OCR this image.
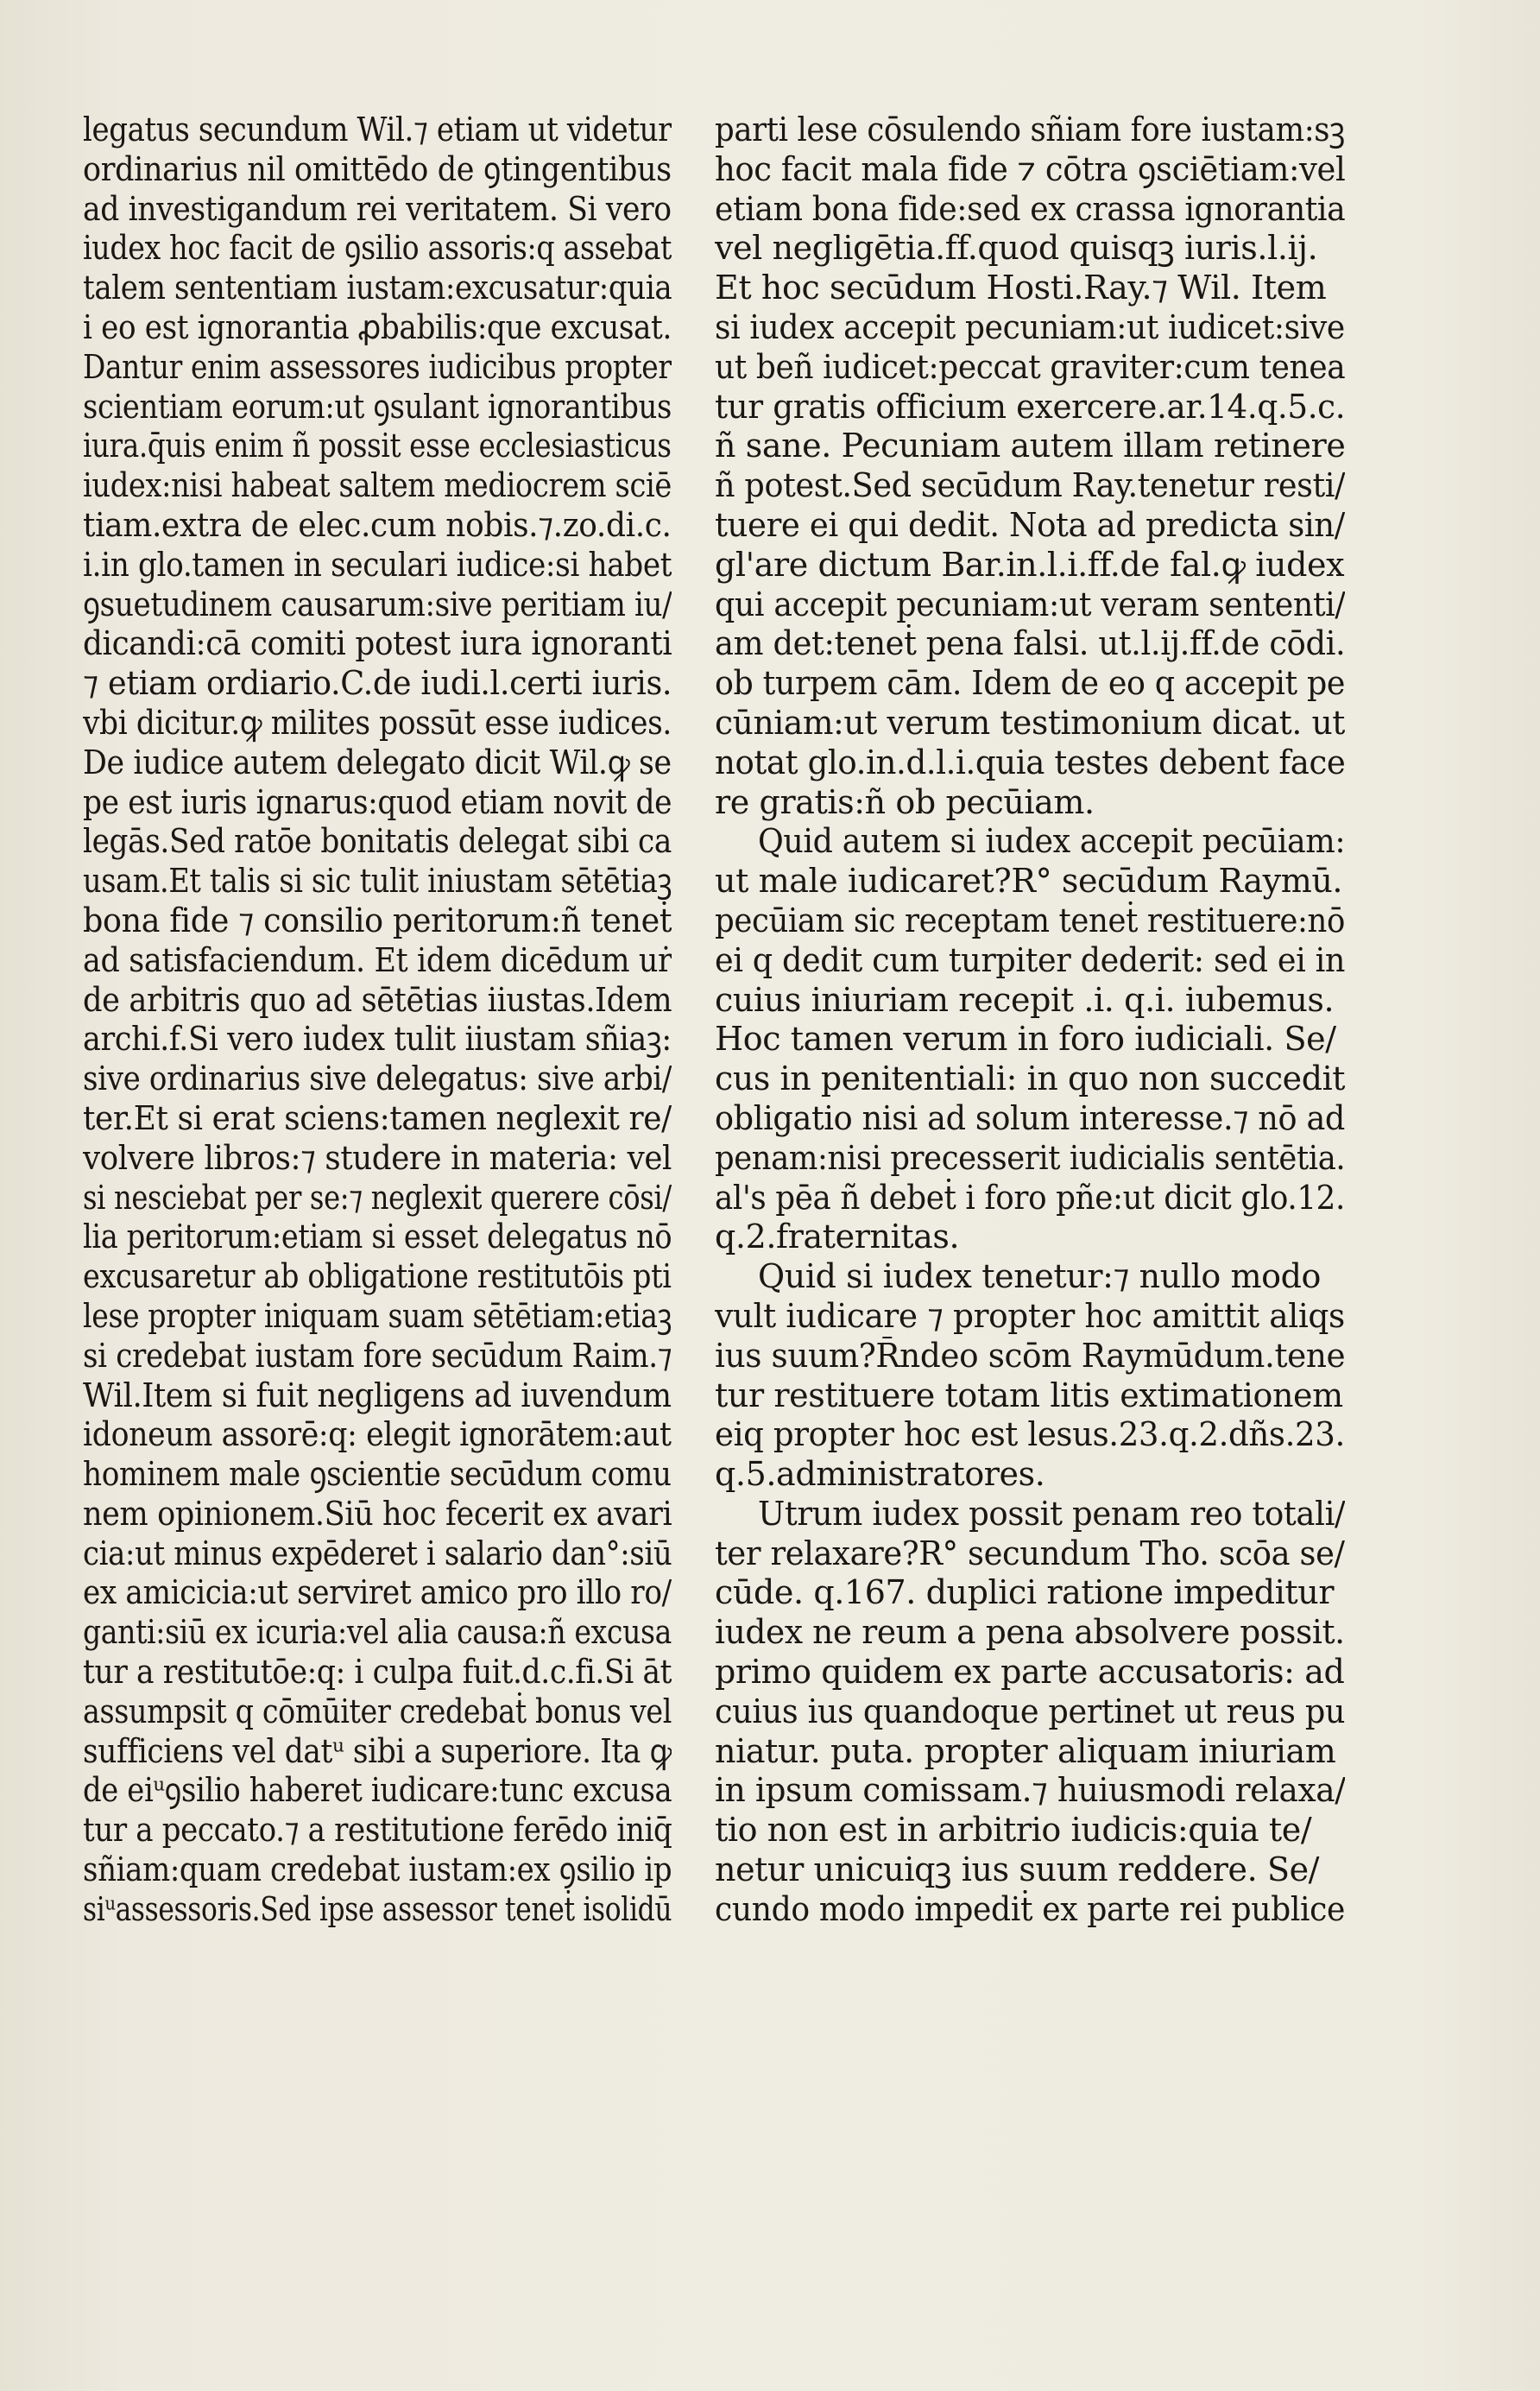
legatus secundum Wil.⁊ etiam ut videtur
ordinarius nil omittēdo de ꝯtingentibus
ad investigandum rei veritatem. Si vero
iudex hoc facit de ꝯsilio assoris:q assebat
talem sententiam iustam:excusatur:quia
i eo est ignorantia ꝓbabilis:que excusat.
Dantur enim assessores iudicibus propter
scientiam eorum:ut ꝯsulant ignorantibus
iura.q̄uis enim ñ possit esse ecclesiasticus
iudex:nisi habeat saltem mediocrem sciē
tiam.extra de elec.cum nobis.⁊.zo.di.c.
i.in glo.tamen in seculari iudice:si habet
ꝯsuetudinem causarum:sive peritiam iu/
dicandi:cā comiti potest iura ignoranti
⁊ etiam ordiario.C.de iudi.l.certi iuris.
vbi dicitur.ꝙ milites possūt esse iudices.
De iudice autem delegato dicit Wil.ꝙ se
pe est iuris ignarus:quod etiam novit de
legās.Sed ratōe bonitatis delegat sibi ca
usam.Et talis si sic tulit iniustam sētētiaꝫ
bona fide ⁊ consilio peritorum:ñ teneṫ
ad satisfaciendum. Et idem dicēdum uṙ
de arbitris quo ad sētētias iiustas.Idem
archi.f.Si vero iudex tulit iiustam sñiaꝫ:
sive ordinarius sive delegatus: sive arbi/
ter.Et si erat sciens:tamen neglexit re/
volvere libros:⁊ studere in materia: vel
si nesciebat per se:⁊ neglexit querere cōsi/
lia peritorum:etiam si esset delegatus nō
excusaretur ab obligatione restitutōis pti
lese propter iniquam suam sētētiam:etiaꝫ
si credebat iustam fore secūdum Raim.⁊
Wil.Item si fuit negligens ad iuvendum
idoneum assorē:q: elegit ignorātem:aut
hominem male ꝯscientie secūdum comu
nem opinionem.Siū hoc fecerit ex avari
cia:ut minus expēderet i salario dan°:siū
ex amicicia:ut serviret amico pro illo ro/
ganti:siū ex icuria:vel alia causa:ñ excusa
tur a restitutōe:q: i culpa fuit.d.c.fi.Si āt
assumpsit q cōmūiter credebaṫ bonus vel
sufficiens vel datᵘ sibi a superiore. Ita ꝙ
de eiᵘꝯsilio haberet iudicare:tunc excusa
tur a peccato.⁊ a restitutione ferēdo iniq̄
sñiam:quam credebat iustam:ex ꝯsilio ip
siᵘassessoris.Sed ipse assessor teneṫ isolidū
parti lese cōsulendo sñiam fore iustam:sꝫ
hoc facit mala fide ⁊ cōtra ꝯsciētiam:vel
etiam bona fide:sed ex crassa ignorantia
vel negligētia.ff.quod quisqꝫ iuris.l.ij.
Et hoc secūdum Hosti.Ray.⁊ Wil. Item
si iudex accepit pecuniam:ut iudicet:sive
ut beñ iudicet:peccat graviter:cum tenea
tur gratis officium exercere.ar.14.q.5.c.
ñ sane. Pecuniam autem illam retinere
ñ potest.Sed secūdum Ray.tenetur resti/
tuere ei qui dedit. Nota ad predicta sin/
gl'are dictum Bar.in.l.i.ff.de fal.ꝙ iudex
qui accepit pecuniam:ut veram sententi/
am det:teneṫ pena falsi. ut.l.ij.ff.de cōdi.
ob turpem cām. Idem de eo q accepit pe
cūniam:ut verum testimonium dicat. ut
notat glo.in.d.l.i.quia testes debent face
re gratis:ñ ob pecūiam.
Quid autem si iudex accepit pecūiam:
ut male iudicaret?R° secūdum Raymū.
pecūiam sic receptam teneṫ restituere:nō
ei q dedit cum turpiter dederit: sed ei in
cuius iniuriam recepit .i. q.i. iubemus.
Hoc tamen verum in foro iudiciali. Se/
cus in penitentiali: in quo non succedit
obligatio nisi ad solum interesse.⁊ nō ad
penam:nisi precesserit iudicialis sentētia.
al's pēa ñ debeṫ i foro pñe:ut dicit glo.12.
q.2.fraternitas.
Quid si iudex tenetur:⁊ nullo modo
vult iudicare ⁊ propter hoc amittit aliqs
ius suum?R̄ndeo scōm Raymūdum.tene
tur restituere totam litis extimationem
eiq propter hoc est lesus.23.q.2.dñs.23.
q.5.administratores.
Utrum iudex possit penam reo totali/
ter relaxare?R° secundum Tho. scōa se/
cūde. q.167. duplici ratione impeditur
iudex ne reum a pena absolvere possit.
primo quidem ex parte accusatoris: ad
cuius ius quandoque pertinet ut reus pu
niatur. puta. propter aliquam iniuriam
in ipsum comissam.⁊ huiusmodi relaxa/
tio non est in arbitrio iudicis:quia te/
netur unicuiqꝫ ius suum reddere. Se/
cundo modo impediṫ ex parte rei publice
